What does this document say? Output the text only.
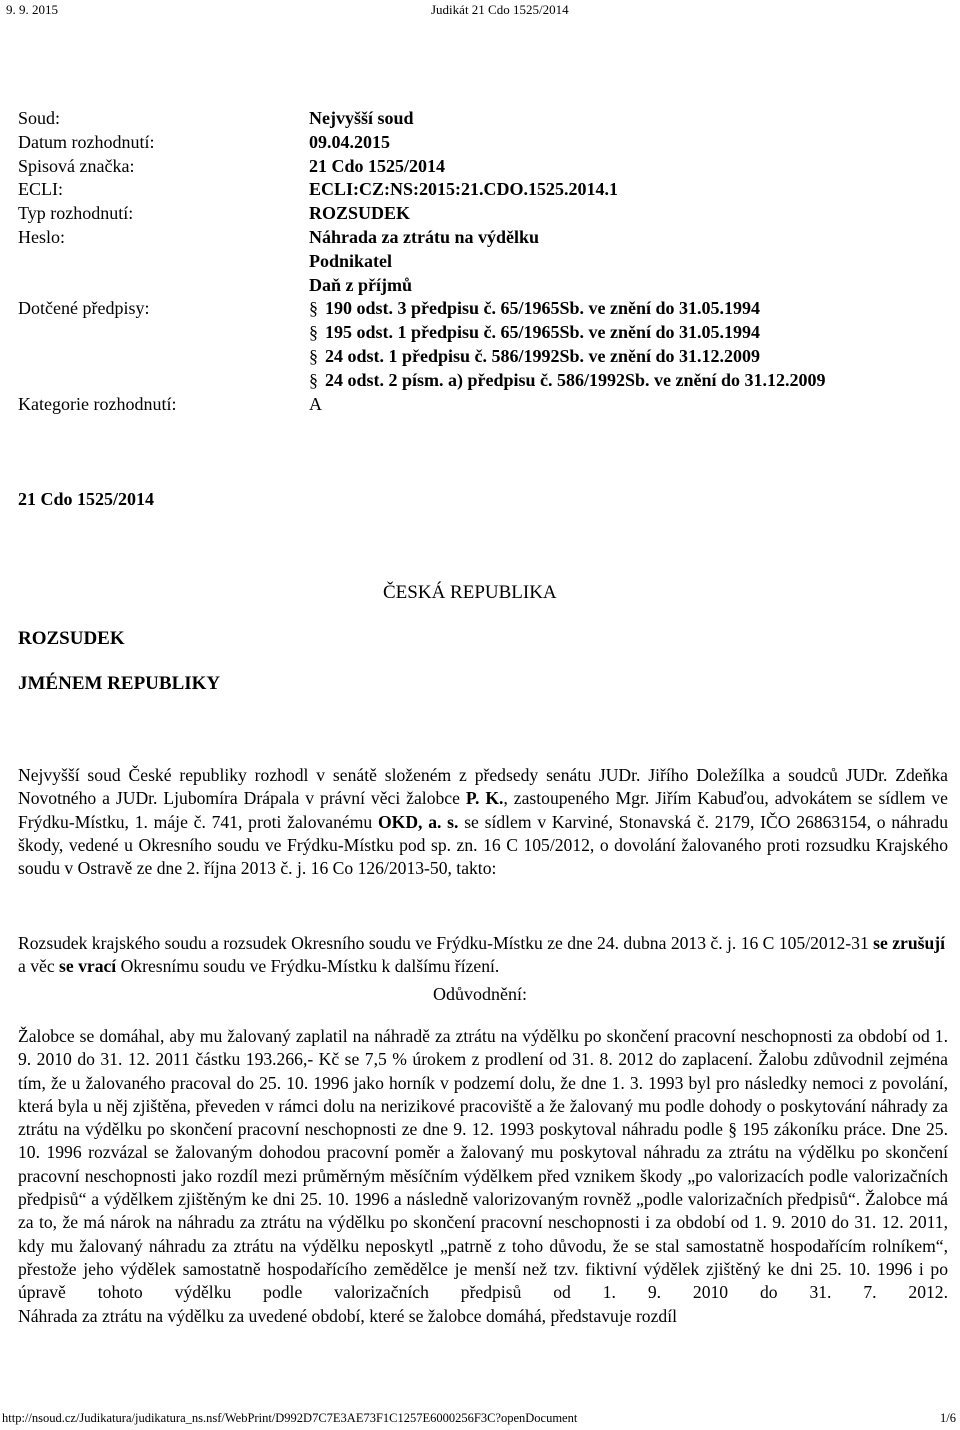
9. 9. 2015	Judikát 21 Cdo 1525/2014
Soud:	Nejvyšší soud
Datum rozhodnutí:	09.04.2015
Spisová značka:	21 Cdo 1525/2014
ECLI:	ECLI:CZ:NS:2015:21.CDO.1525.2014.1
Typ rozhodnutí:	ROZSUDEK
Heslo:	Náhrada za ztrátu na výdělku
Podnikatel
Daň z příjmů
Dotčené předpisy:	§ 190 odst. 3 předpisu č. 65/1965Sb. ve znění do 31.05.1994
§ 195 odst. 1 předpisu č. 65/1965Sb. ve znění do 31.05.1994
§ 24 odst. 1 předpisu č. 586/1992Sb. ve znění do 31.12.2009
§ 24 odst. 2 písm. a) předpisu č. 586/1992Sb. ve znění do 31.12.2009
Kategorie rozhodnutí:	A
21 Cdo 1525/2014
ČESKÁ REPUBLIKA
ROZSUDEK
JMÉNEM REPUBLIKY
Nejvyšší soud České republiky rozhodl v senátě složeném z předsedy senátu JUDr. Jiřího Doležílka a soudců JUDr. Zdeňka Novotného a JUDr. Ljubomíra Drápala v právní věci žalobce P. K., zastoupeného Mgr. Jiřím Kabuďou, advokátem se sídlem ve Frýdku-Místku, 1. máje č. 741, proti žalovanému OKD, a. s. se sídlem v Karviné, Stonavská č. 2179, IČO 26863154, o náhradu škody, vedené u Okresního soudu ve Frýdku-Místku pod sp. zn. 16 C 105/2012, o dovolání žalovaného proti rozsudku Krajského soudu v Ostravě ze dne 2. října 2013 č. j. 16 Co 126/2013-50, takto:
Rozsudek krajského soudu a rozsudek Okresního soudu ve Frýdku-Místku ze dne 24. dubna 2013 č. j. 16 C 105/2012-31 se zrušují a věc se vrací Okresnímu soudu ve Frýdku-Místku k dalšímu řízení.
Odůvodnění:
Žalobce se domáhal, aby mu žalovaný zaplatil na náhradě za ztrátu na výdělku po skončení pracovní neschopnosti za období od 1. 9. 2010 do 31. 12. 2011 částku 193.266,- Kč se 7,5 % úrokem z prodlení od 31. 8. 2012 do zaplacení. Žalobu zdůvodnil zejména tím, že u žalovaného pracoval do 25. 10. 1996 jako horník v podzemí dolu, že dne 1. 3. 1993 byl pro následky nemoci z povolání, která byla u něj zjištěna, převeden v rámci dolu na nerizikové pracoviště a že žalovaný mu podle dohody o poskytování náhrady za ztrátu na výdělku po skončení pracovní neschopnosti ze dne 9. 12. 1993 poskytoval náhradu podle § 195 zákoníku práce. Dne 25. 10. 1996 rozvázal se žalovaným dohodou pracovní poměr a žalovaný mu poskytoval náhradu za ztrátu na výdělku po skončení pracovní neschopnosti jako rozdíl mezi průměrným měsíčním výdělkem před vznikem škody „po valorizacích podle valorizačních předpisů“ a výdělkem zjištěným ke dni 25. 10. 1996 a následně valorizovaným rovněž „podle valorizačních předpisů“. Žalobce má za to, že má nárok na náhradu za ztrátu na výdělku po skončení pracovní neschopnosti i za období od 1. 9. 2010 do 31. 12. 2011, kdy mu žalovaný náhradu za ztrátu na výdělku neposkytl „patrně z toho důvodu, že se stal samostatně hospodařícím rolníkem“, přestože jeho výdělek samostatně hospodařícího zemědělce je menší než tzv. fiktivní výdělek zjištěný ke dni 25. 10. 1996 i po úpravě tohoto výdělku podle valorizačních předpisů od 1. 9. 2010 do 31. 7. 2012.
Náhrada za ztrátu na výdělku za uvedené období, které se žalobce domáhá, představuje rozdíl
http://nsoud.cz/Judikatura/judikatura_ns.nsf/WebPrint/D992D7C7E3AE73F1C1257E6000256F3C?openDocument	1/6
